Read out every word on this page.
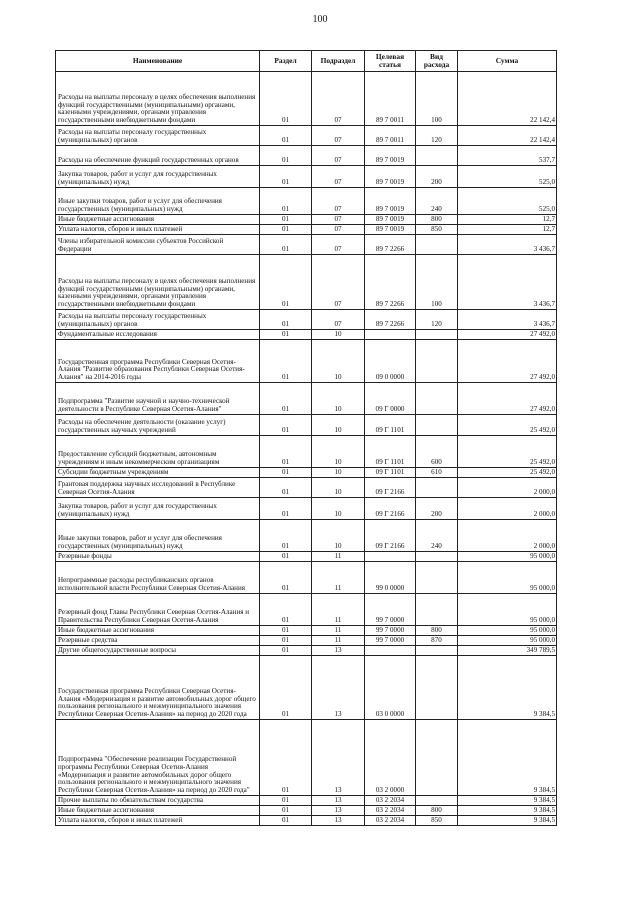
100
Наименование	Раздел	Подраздел	Целевая статья	Вид расхода	Сумма
Расходы на выплаты персоналу в целях обеспечения выполнения функций государственными (муниципальными) органами, казенными учреждениями, органами управления государственными внебюджетными фондами	01	07	89 7 0011	100	22 142,4
Расходы на выплаты персоналу государственных (муниципальных) органов	01	07	89 7 0011	120	22 142,4
Расходы на обеспечение функций государственных органов	01	07	89 7 0019		537,7
Закупка товаров, работ и услуг для государственных (муниципальных) нужд	01	07	89 7 0019	200	525,0
Иные закупки товаров, работ и услуг для обеспечения государственных (муниципальных) нужд	01	07	89 7 0019	240	525,0
Иные бюджетные ассигнования	01	07	89 7 0019	800	12,7
Уплата налогов, сборов и иных платежей	01	07	89 7 0019	850	12,7
Члены избирательной комиссии субъектов Российской Федерации	01	07	89 7 2266		3 436,7
Расходы на выплаты персоналу в целях обеспечения выполнения функций государственными (муниципальными) органами, казенными учреждениями, органами управления государственными внебюджетными фондами	01	07	89 7 2266	100	3 436,7
Расходы на выплаты персоналу государственных (муниципальных) органов	01	07	89 7 2266	120	3 436,7
Фундаментальные исследования	01	10			27 492,0
Государственная программа Республики Северная Осетия-Алания "Развитие образования Республики Северная Осетия-Алания" на 2014-2016 годы	01	10	09 0 0000		27 492,0
Подпрограмма "Развитие научной и научно-технической деятельности в Республике Северная Осетия-Алания"	01	10	09 Г 0000		27 492,0
Расходы на обеспечение деятельности (оказание услуг) государственных научных учреждений	01	10	09 Г 1101		25 492,0
Предоставление субсидий бюджетным, автономным учреждениям и иным некоммерческим организациям	01	10	09 Г 1101	600	25 492,0
Субсидии бюджетным учреждениям	01	10	09 Г 1101	610	25 492,0
Грантовая поддержка научных исследований в Республике Северная Осетия-Алания	01	10	09 Г 2166		2 000,0
Закупка товаров, работ и услуг для государственных (муниципальных) нужд	01	10	09 Г 2166	200	2 000,0
Иные закупки товаров, работ и услуг для обеспечения государственных (муниципальных) нужд	01	10	09 Г 2166	240	2 000,0
Резервные фонды	01	11			95 000,0
Непрограммные расходы республиканских органов исполнительной власти Республики Северная Осетия-Алания	01	11	99 0 0000		95 000,0
Резервный фонд Главы Республики Северная Осетия-Алания и Правительства Республики Северная Осетия-Алания	01	11	99 7 0000		95 000,0
Иные бюджетные ассигнования	01	11	99 7 0000	800	95 000,0
Резервные средства	01	11	99 7 0000	870	95 000,0
Другие общегосударственные вопросы	01	13			349 789,5
Государственная программа Республики Северная Осетия-Алания «Модернизация и развитие автомобильных дорог общего пользования регионального и межмуниципального значения Республики Северная Осетия-Алания» на период до 2020 года	01	13	03 0 0000		9 384,5
Подпрограмма "Обеспечение реализации Государственной программы Республики Северная Осетия-Алания «Модернизация и развитие автомобильных дорог общего пользования регионального и межмуниципального значения Республики Северная Осетия-Алания» на период до 2020 года"	01	13	03 2 0000		9 384,5
Прочие выплаты по обязательствам государства	01	13	03 2 2034		9 384,5
Иные бюджетные ассигнования	01	13	03 2 2034	800	9 384,5
Уплата налогов, сборов и иных платежей	01	13	03 2 2034	850	9 384,5
